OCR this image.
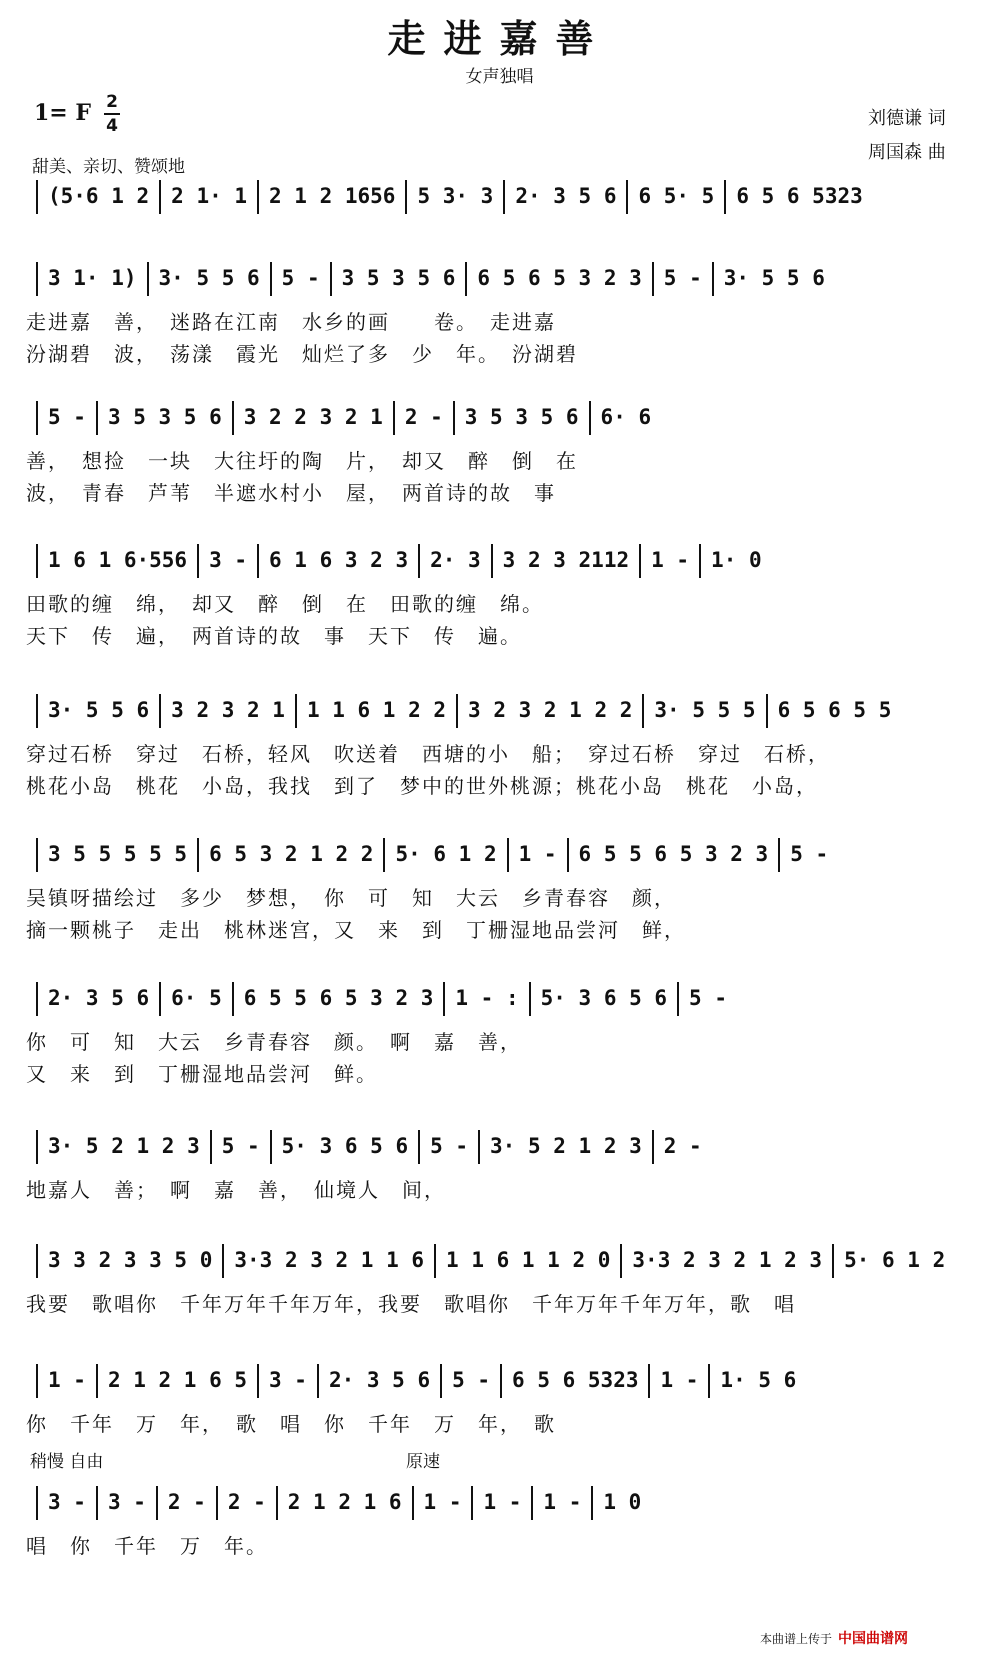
走进嘉善
女声独唱
1= F 2
4
甜美、亲切、赞颂地
刘德谦 词
周国森 曲
(5·6 1 2 2 1· 1 2 1 2 1656 5 3· 3 2· 3 5 6 6 5· 5 6 5 6 5323
3 1· 1) 3· 5 5 6 5 - 3 5 3 5 6 6 5 6 5 3 2 3 5 - 3· 5 5 6
走进嘉　善，　迷路在江南　水乡的画　　卷。　走进嘉
汾湖碧　波，　荡漾　霞光　灿烂了多　少　年。　汾湖碧
5 - 3 5 3 5 6 3 2 2 3 2 1 2 - 3 5 3 5 6 6· 6
善，　想捡　一块　大往圩的陶　片，　却又　醉　倒　在
波，　青春　芦苇　半遮水村小　屋，　两首诗的故　事
1 6 1 6·556 3 - 6 1 6 3 2 3 2· 3 3 2 3 2112 1 - 1· 0
田歌的缠　绵，　却又　醉　倒　在　田歌的缠　绵。
天下　传　遍，　两首诗的故　事　天下　传　遍。
3· 5 5 6 3 2 3 2 1 1 1 6 1 2 2 3 2 3 2 1 2 2 3· 5 5 5 6 5 6 5 5
穿过石桥　穿过　石桥，轻风　吹送着　西塘的小　船；　穿过石桥　穿过　石桥，
桃花小岛　桃花　小岛，我找　到了　梦中的世外桃源；桃花小岛　桃花　小岛，
3 5 5 5 5 5 6 5 3 2 1 2 2 5· 6 1 2 1 - 6 5 5 6 5 3 2 3 5 -
吴镇呀描绘过　多少　梦想，　你　可　知　大云　乡青春容　颜，
摘一颗桃子　走出　桃林迷宫，又　来　到　丁栅湿地品尝河　鲜，
2· 3 5 6 6· 5 6 5 5 6 5 3 2 3 1 - : 5· 3 6 5 6 5 -
你　可　知　大云　乡青春容　颜。　啊　嘉　善，
又　来　到　丁栅湿地品尝河　鲜。
3· 5 2 1 2 3 5 - 5· 3 6 5 6 5 - 3· 5 2 1 2 3 2 -
地嘉人　善；　啊　嘉　善，　仙境人　间，
3 3 2 3 3 5 0 3·3 2 3 2 1 1 6 1 1 6 1 1 2 0 3·3 2 3 2 1 2 3 5· 6 1 2
我要　歌唱你　千年万年千年万年，我要　歌唱你　千年万年千年万年，歌　唱
1 - 2 1 2 1 6 5 3 - 2· 3 5 6 5 - 6 5 6 5323 1 - 1· 5 6
你　千年　万　年，　歌　唱　你　千年　万　年，　歌
3 - 3 - 2 - 2 - 2 1 2 1 6 1 - 1 - 1 - 1 0
唱　你　千年　万　年。
稍慢 自由	原速
本曲谱上传于 中国曲谱网
